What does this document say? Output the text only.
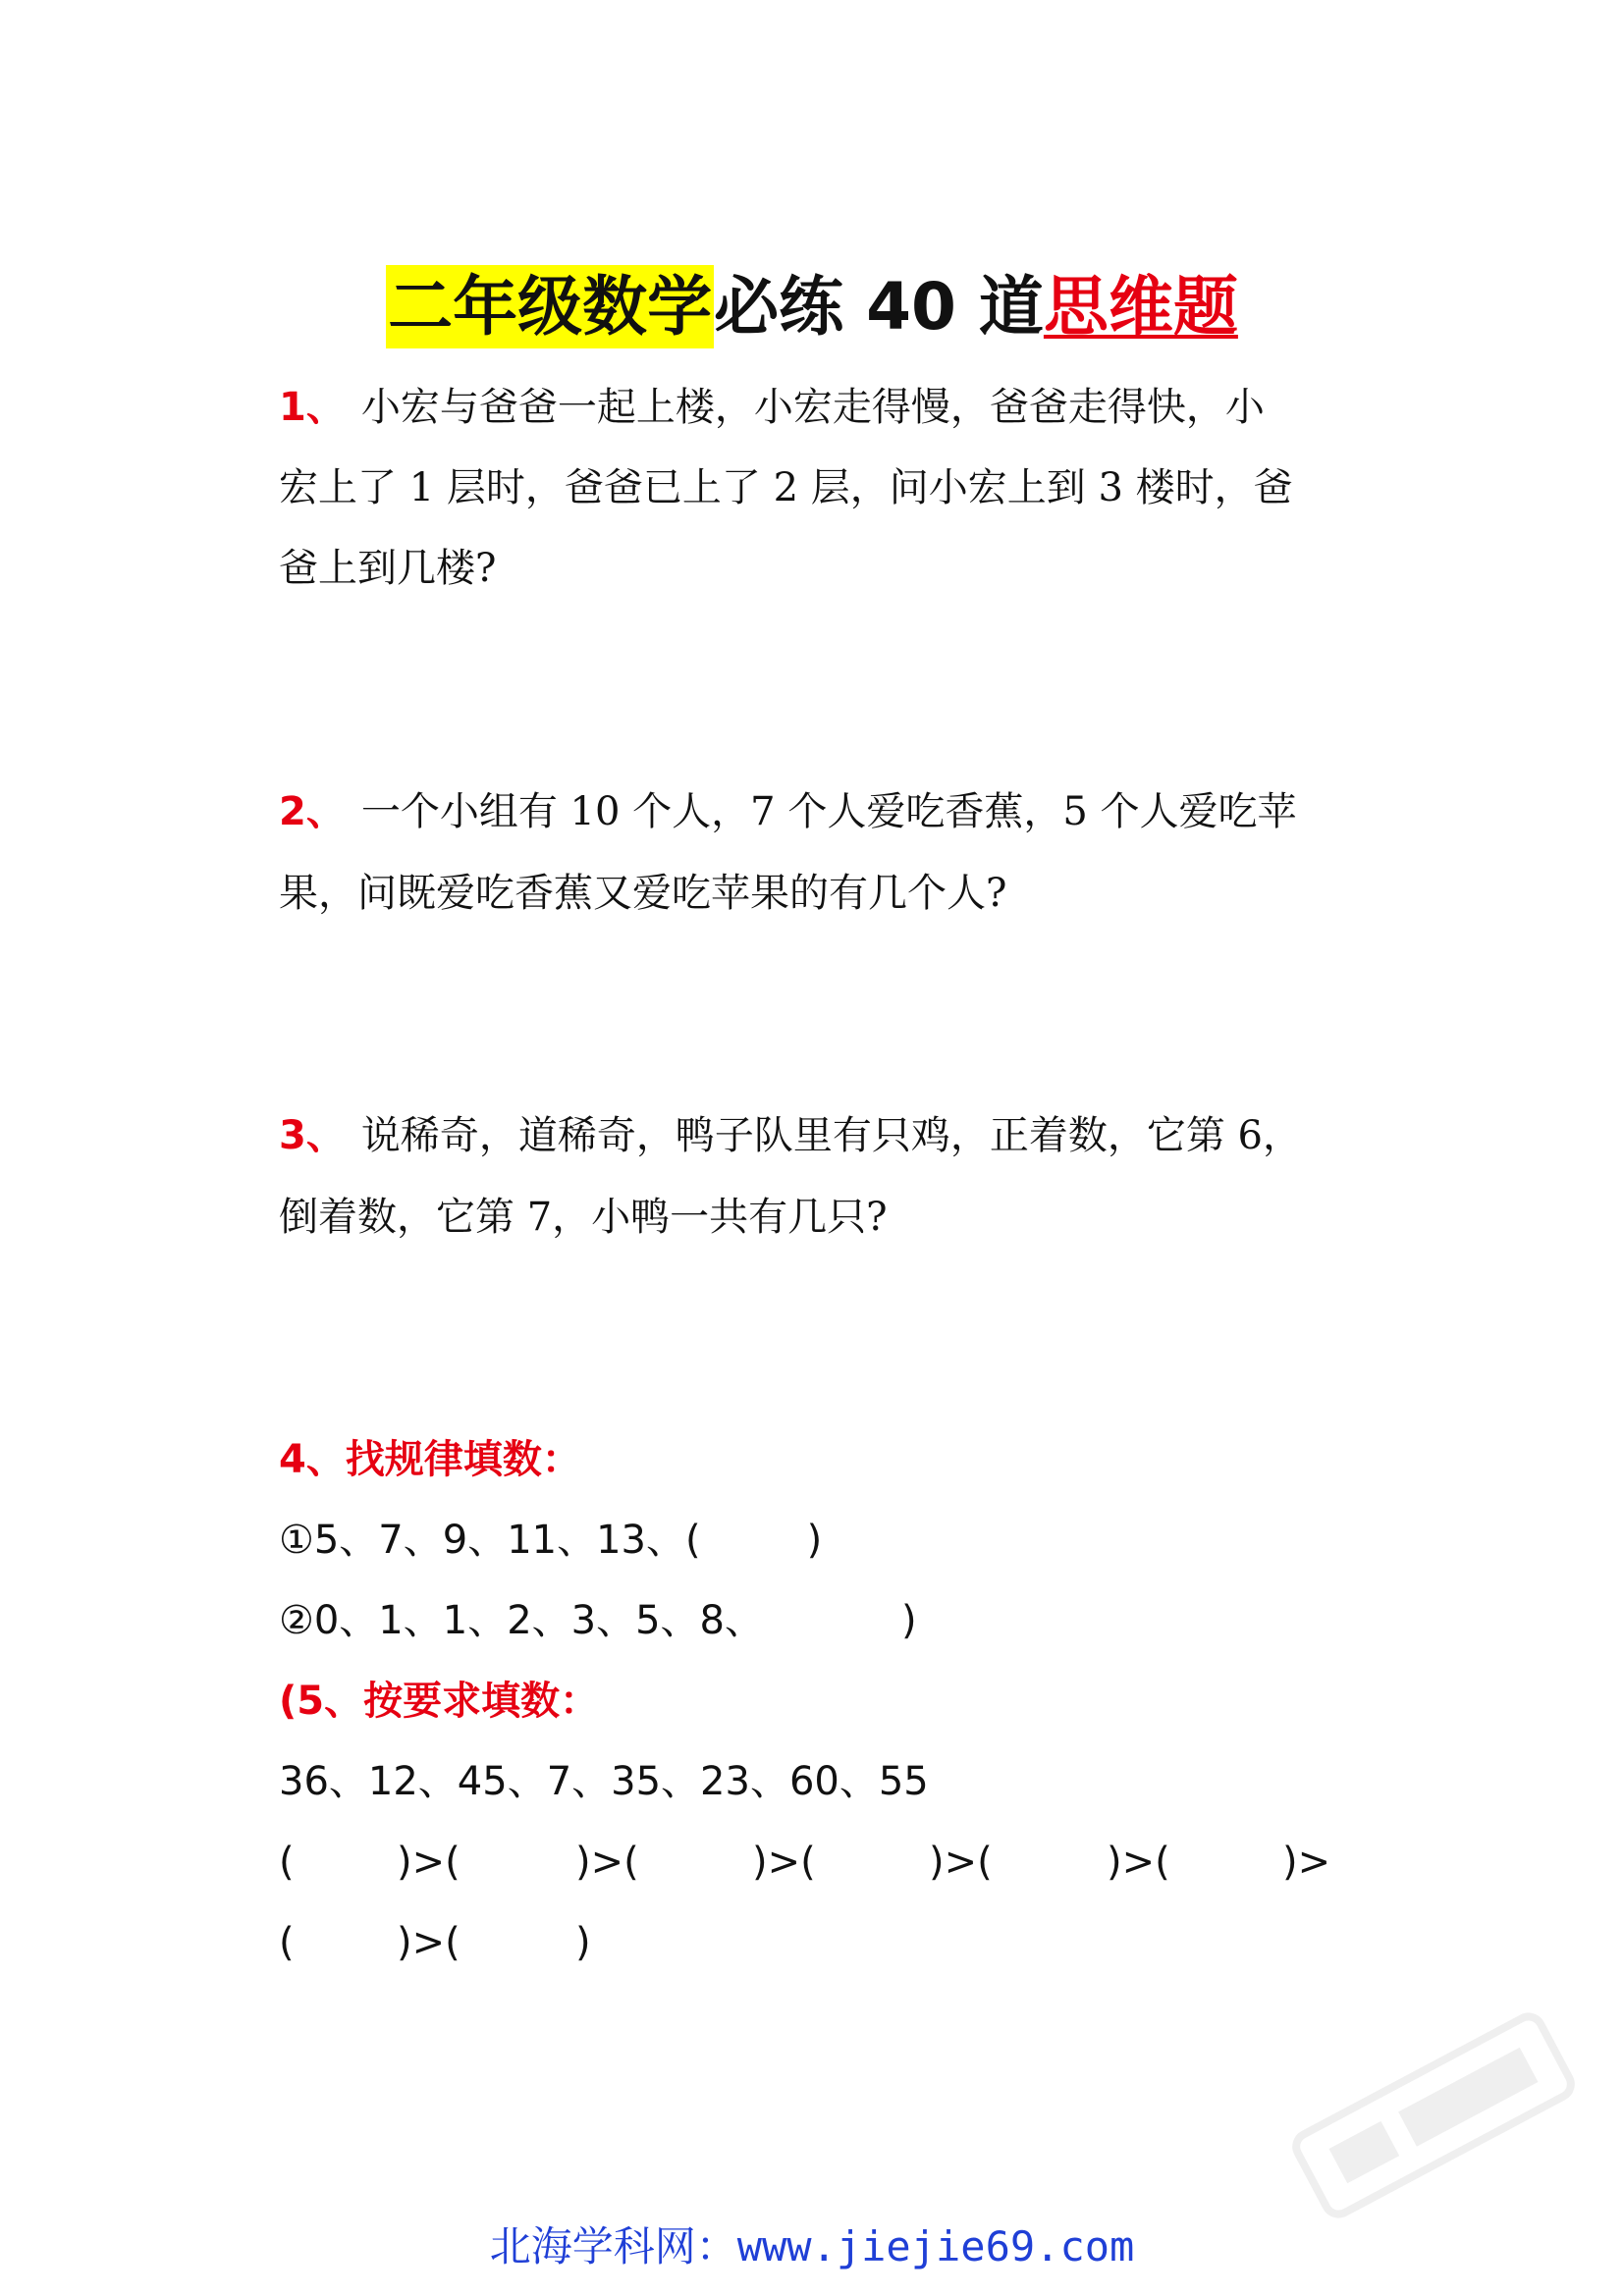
二年级数学必练 40 道思维题
1、 小宏与爸爸一起上楼，小宏走得慢，爸爸走得快，小
宏上了 1 层时，爸爸已上了 2 层，问小宏上到 3 楼时，爸
爸上到几楼?
2、 一个小组有 10 个人，7 个人爱吃香蕉，5 个人爱吃苹
果，问既爱吃香蕉又爱吃苹果的有几个人?
3、 说稀奇，道稀奇，鸭子队里有只鸡，正着数，它第 6，
倒着数，它第 7，小鸭一共有几只?
4、找规律填数：
①5、7、9、11、13、(	)
②0、1、1、2、3、5、8、	)
(5、按要求填数：
36、12、45、7、35、23、60、55
(	)>(	)>(	)>(	)>(	)>(	)>
(	)>(	)
北海学科网：www.jiejie69.com
